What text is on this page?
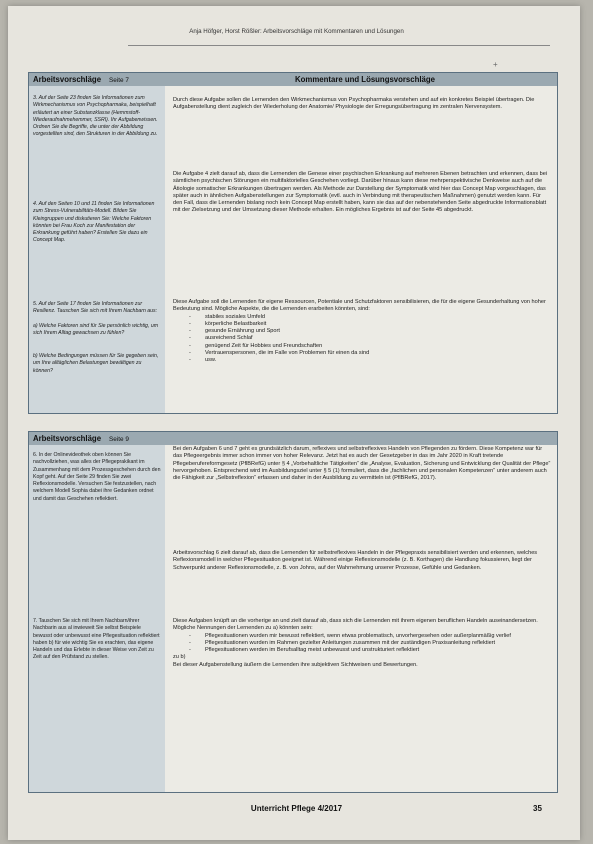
Anja Höfger, Horst Rößler: Arbeitsvorschläge mit Kommentaren und Lösungen
+
Arbeitsvorschläge Seite 7	Kommentare und Lösungsvorschläge
3. Auf der Seite 23 finden Sie Informationen zum Wirkmechanismus von Psychopharmaka, beispielhaft erläutert an einer Substanzklasse (Hemmstoff-Wiederaufnahmehemmer, SSRI). Ihr Aufgabenwissen. Ordnen Sie die Begriffe, die unter der Abbildung vorgestellten sind, den Strukturen in der Abbildung zu.
4. Auf den Seiten 10 und 11 finden Sie Informationen zum Stress-Vulnerabilitäts-Modell. Bilden Sie Kleingruppen und diskutieren Sie: Welche Faktoren könnten bei Frau Koch zur Manifestation der Erkrankung geführt haben? Erstellen Sie dazu ein Concept Map.
5. Auf der Seite 17 finden Sie Informationen zur Resilienz. Tauschen Sie sich mit Ihrem Nachbarn aus:
a) Welche Faktoren sind für Sie persönlich wichtig, um sich Ihrem Alltag gewachsen zu fühlen?
b) Welche Bedingungen müssen für Sie gegeben sein, um Ihre alltäglichen Belastungen bewältigen zu können?

Durch diese Aufgabe sollen die Lernenden den Wirkmechanismus von Psychopharmaka verstehen und auf ein konkretes Beispiel übertragen. Die Aufgabenstellung dient zugleich der Wiederholung der Anatomie/ Physiologie der Erregungsübertragung im zentralen Nervensystem.

Die Aufgabe 4 zielt darauf ab, dass die Lernenden die Genese einer psychischen Erkrankung auf mehreren Ebenen betrachten und erkennen, dass bei sämtlichen psychischen Störungen ein multifaktorielles Geschehen vorliegt. Darüber hinaus kann diese mehrperspektivische Denkweise auch auf die Ätiologie somatischer Erkrankungen übertragen werden. Als Methode zur Darstellung der Symptomatik wird hier das Concept Map vorgeschlagen, das später auch in ähnlichen Aufgabenstellungen zur Symptomatik (evtl. auch in Verbindung mit therapeutischen Maßnahmen) genutzt werden kann. Für den Fall, dass die Lernenden bislang noch kein Concept Map erstellt haben, kann sie das auf der nebenstehenden Seite abgedruckte Informationsblatt mit der Zielsetzung und der Umsetzung dieser Methode erhalten. Ein mögliches Ergebnis ist auf der Seite 45 abgedruckt.

Diese Aufgabe soll die Lernenden für eigene Ressourcen, Potentiale und Schutzfaktoren sensibilisieren, die für die eigene Gesunderhaltung von hoher Bedeutung sind. Mögliche Aspekte, die die Lernenden erarbeiten könnten, sind:

- stabiles soziales Umfeld
- körperliche Belastbarkeit
- gesunde Ernährung und Sport
- ausreichend Schlaf
- genügend Zeit für Hobbies und Freundschaften
- Vertrauenspersonen, die im Falle von Problemen für einen da sind
- usw.
Arbeitsvorschläge Seite 9
6. In der Onlinevideothek oben können Sie nachvollziehen, was alles der Pflegeprakikant im Zusammenhang mit dem Prozessgeschehen durch den Kopf geht. Auf der Seite 29 finden Sie zwei Reflexionsmodelle. Versuchen Sie festzustellen, nach welchem Modell Sophia dabei ihre Gedanken ordnet und damit das Geschehen reflektiert.
7. Tauschen Sie sich mit Ihrem Nachbarn/ihrer Nachbarin aus al inwieweit Sie selbst Beispiele bewusst oder unbewusst eine Pflegesituation reflektiert haben b) für wie wichtig Sie es erachten, das eigene Handeln und das Erlebte in dieser Weise von Zeit zu Zeit auf den Prüfstand zu stellen.

Bei den Aufgaben 6 und 7 geht es grundsätzlich darum, reflexives und selbstreflexives Handeln von Pflegenden zu fördern. Diese Kompetenz war für das Pflegeergebnis immer schon immer von hoher Relevanz. Jetzt hat es auch der Gesetzgeber in das im Jahr 2020 in Kraft tretende Pflegeberufereformgesetz (PflBRefG) unter § 4 „Vorbehaltliche Tätigkeiten“ die „Analyse, Evaluation, Sicherung und Entwicklung der Qualität der Pflege“ hervorgehoben. Entsprechend wird im Ausbildungsziel unter § 5 (1) formuliert, dass die „fachlichen und personalen Kompetenzen“ unter anderem auch die Fähigkeit zur „Selbstreflexion“ erfassen und daher in der Ausbildung zu vermitteln ist (PflBRefG, 2017).

Arbeitsvorschlag 6 zielt darauf ab, dass die Lernenden für selbstreflexives Handeln in der Pflegepraxis sensibilisiert werden und erkennen, welches Reflexionsmodell in welcher Pflegesituation geeignet ist. Während einige Reflexionsmodelle (z. B. Korthagen) die Handlung fokussieren, liegt der Schwerpunkt anderer Reflexionsmodelle, z. B. von Johns, auf der Wahrnehmung unserer Prozesse, Gefühle und Gedanken.

Diese Aufgaben knüpft an die vorherige an und zielt darauf ab, dass sich die Lernenden mit ihrem eigenen beruflichen Handeln auseinandersetzen. Mögliche Nennungen der Lernenden zu a) könnten sein:

- Pflegesituationen wurden mir bewusst reflektiert, wenn etwas problematisch, unvorhergesehen oder außerplanmäßig verlief
- Pflegesituationen wurden im Rahmen gezielter Anleitungen zusammen mit der zuständigen Praxisanleitung reflektiert
- Pflegesituationen werden im Berufsalltag meist unbewusst und unstrukturiert reflektiert

zu b)

Bei dieser Aufgabenstellung äußern die Lernenden ihre subjektiven Sichtweisen und Bewertungen.

Unterricht Pflege 4/2017	35
